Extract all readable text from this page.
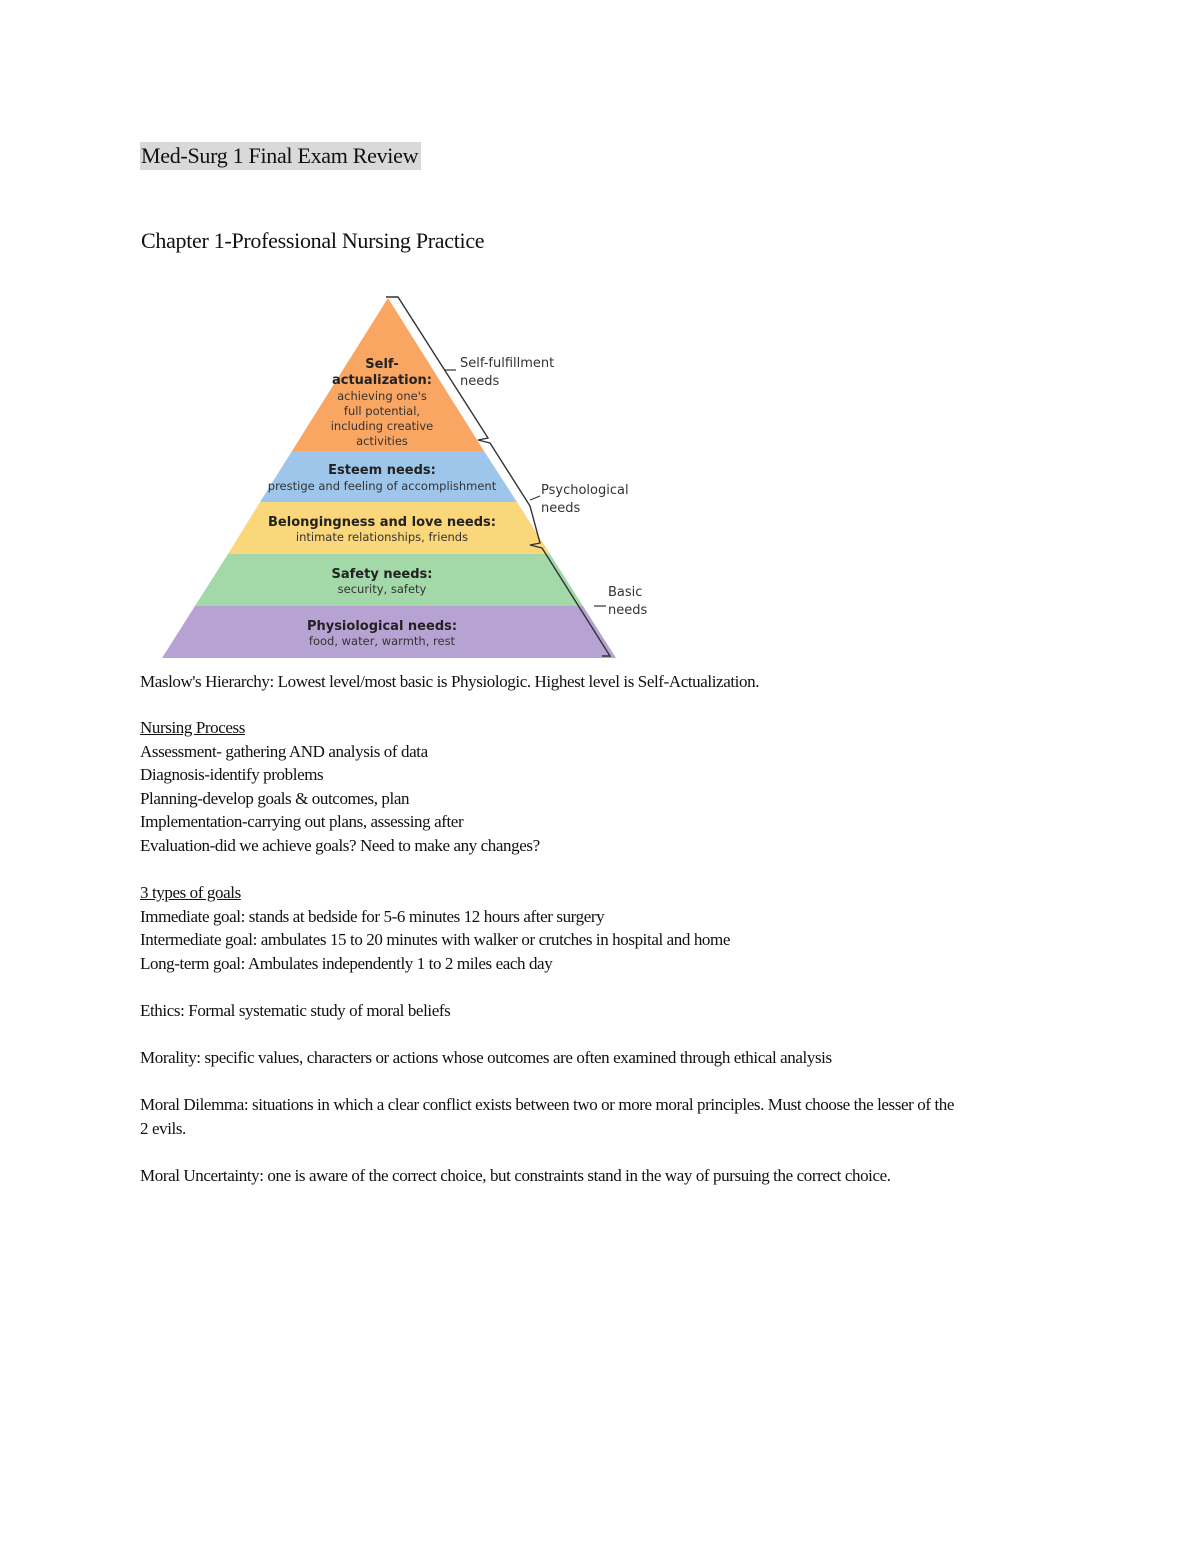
Med-Surg 1 Final Exam Review
Chapter 1-Professional Nursing Practice
Self-
actualization:
achieving one's
full potential,
including creative
activities
Esteem needs:
prestige and feeling of accomplishment
Belongingness and love needs:
intimate relationships, friends
Safety needs:
security, safety
Physiological needs:
food, water, warmth, rest
Self-fulfillment
needs
Psychological
needs
Basic
needs

Maslow's Hierarchy: Lowest level/most basic is Physiologic. Highest level is Self-Actualization.

Nursing Process

Assessment- gathering AND analysis of data

Diagnosis-identify problems

Planning-develop goals & outcomes, plan

Implementation-carrying out plans, assessing after

Evaluation-did we achieve goals? Need to make any changes?

3 types of goals

Immediate goal: stands at bedside for 5-6 minutes 12 hours after surgery

Intermediate goal: ambulates 15 to 20 minutes with walker or crutches in hospital and home

Long-term goal: Ambulates independently 1 to 2 miles each day

Ethics: Formal systematic study of moral beliefs

Morality: specific values, characters or actions whose outcomes are often examined through ethical analysis

Moral Dilemma: situations in which a clear conflict exists between two or more moral principles. Must choose the lesser of the

2 evils.

Moral Uncertainty: one is aware of the correct choice, but constraints stand in the way of pursuing the correct choice.
